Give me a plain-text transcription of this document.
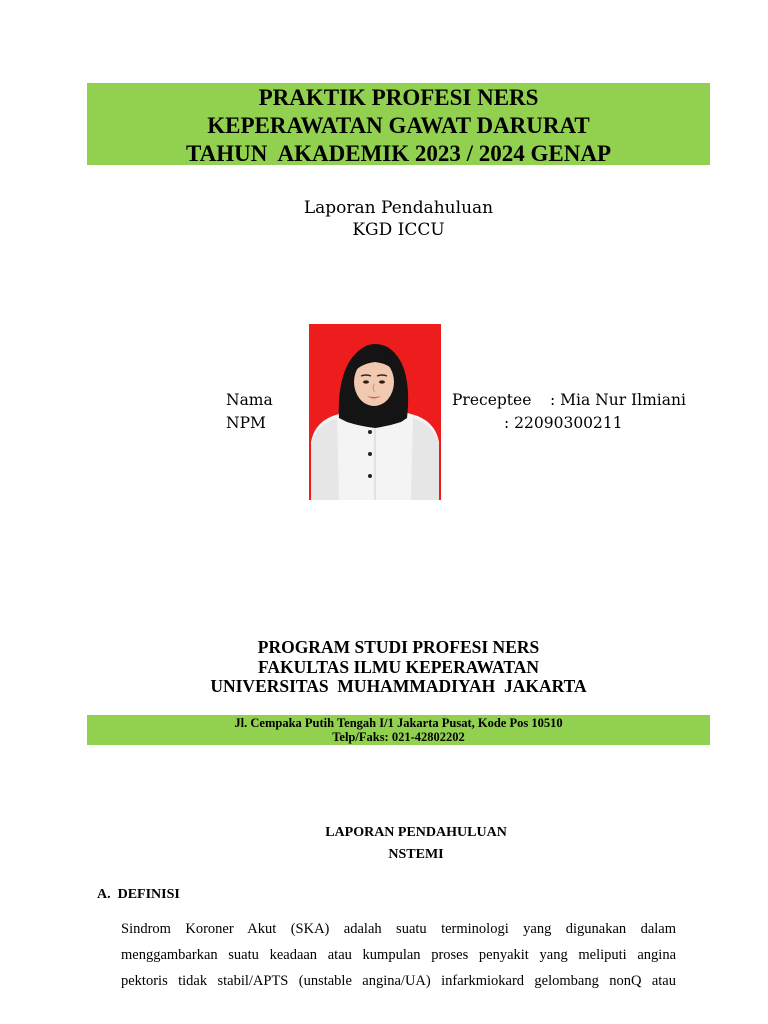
PRAKTIK PROFESI NERS
KEPERAWATAN GAWAT DARURAT
TAHUN  AKADEMIK 2023 / 2024 GENAP
Laporan Pendahuluan
KGD ICCU
Nama
NPM
Preceptee : Mia Nur Ilmiani
: 22090300211
PROGRAM STUDI PROFESI NERS
FAKULTAS ILMU KEPERAWATAN
UNIVERSITAS  MUHAMMADIYAH  JAKARTA
Jl. Cempaka Putih Tengah I/1 Jakarta Pusat, Kode Pos 10510
Telp/Faks: 021-42802202
LAPORAN PENDAHULUAN
NSTEMI
A.  DEFINISI
Sindrom Koroner Akut (SKA) adalah suatu terminologi yang digunakan dalam
menggambarkan suatu keadaan atau kumpulan proses penyakit yang meliputi angina
pektoris tidak stabil/APTS (unstable angina/UA) infarkmiokard gelombang nonQ atau
